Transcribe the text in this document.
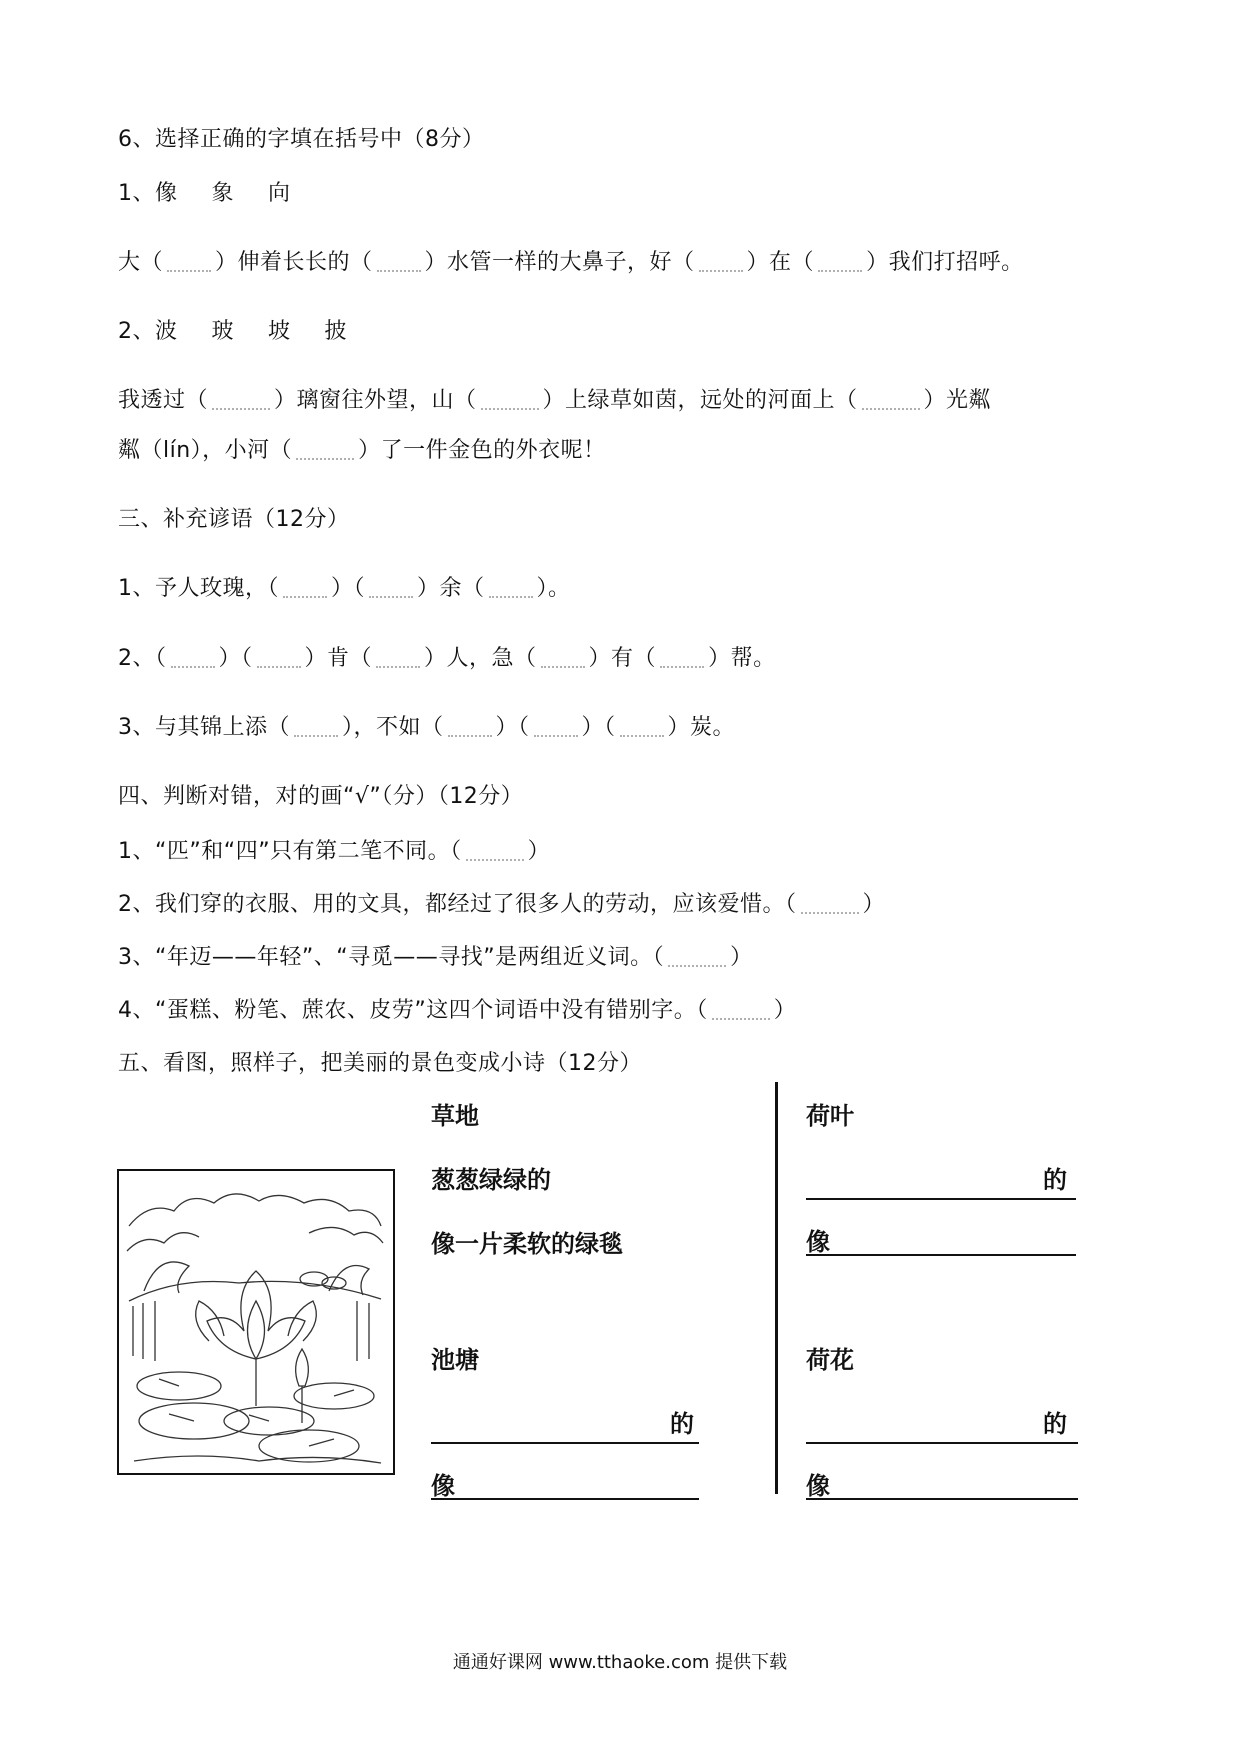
6、选择正确的字填在括号中（8分）
1、像 象 向
大（ ）伸着长长的（ ）水管一样的大鼻子，好（ ）在（ ）我们打招呼。
2、波 玻 坡 披
我透过（	）璃窗往外望，山（	）上绿草如茵，远处的河面上（	）光粼
粼（lín），小河（	）了一件金色的外衣呢！
三、补充谚语（12分）
1、予人玫瑰，（ ）（ ）余（ ）。
2、（ ）（ ）肯（ ）人，急（ ）有（ ）帮。
3、与其锦上添（ ），不如（ ）（ ）（ ）炭。
四、判断对错，对的画“√”（分）（12分）
1、“匹”和“四”只有第二笔不同。（	）
2、我们穿的衣服、用的文具，都经过了很多人的劳动，应该爱惜。（	）
3、“年迈——年轻”、“寻觅——寻找”是两组近义词。（	）
4、“蛋糕、粉笔、蔗农、皮劳”这四个词语中没有错别字。（	）
五、看图，照样子，把美丽的景色变成小诗（12分）
草地
葱葱绿绿的
像一片柔软的绿毯
池塘
的
像
荷叶
的
像
荷花
的
像
通通好课网 www.tthaoke.com 提供下载
